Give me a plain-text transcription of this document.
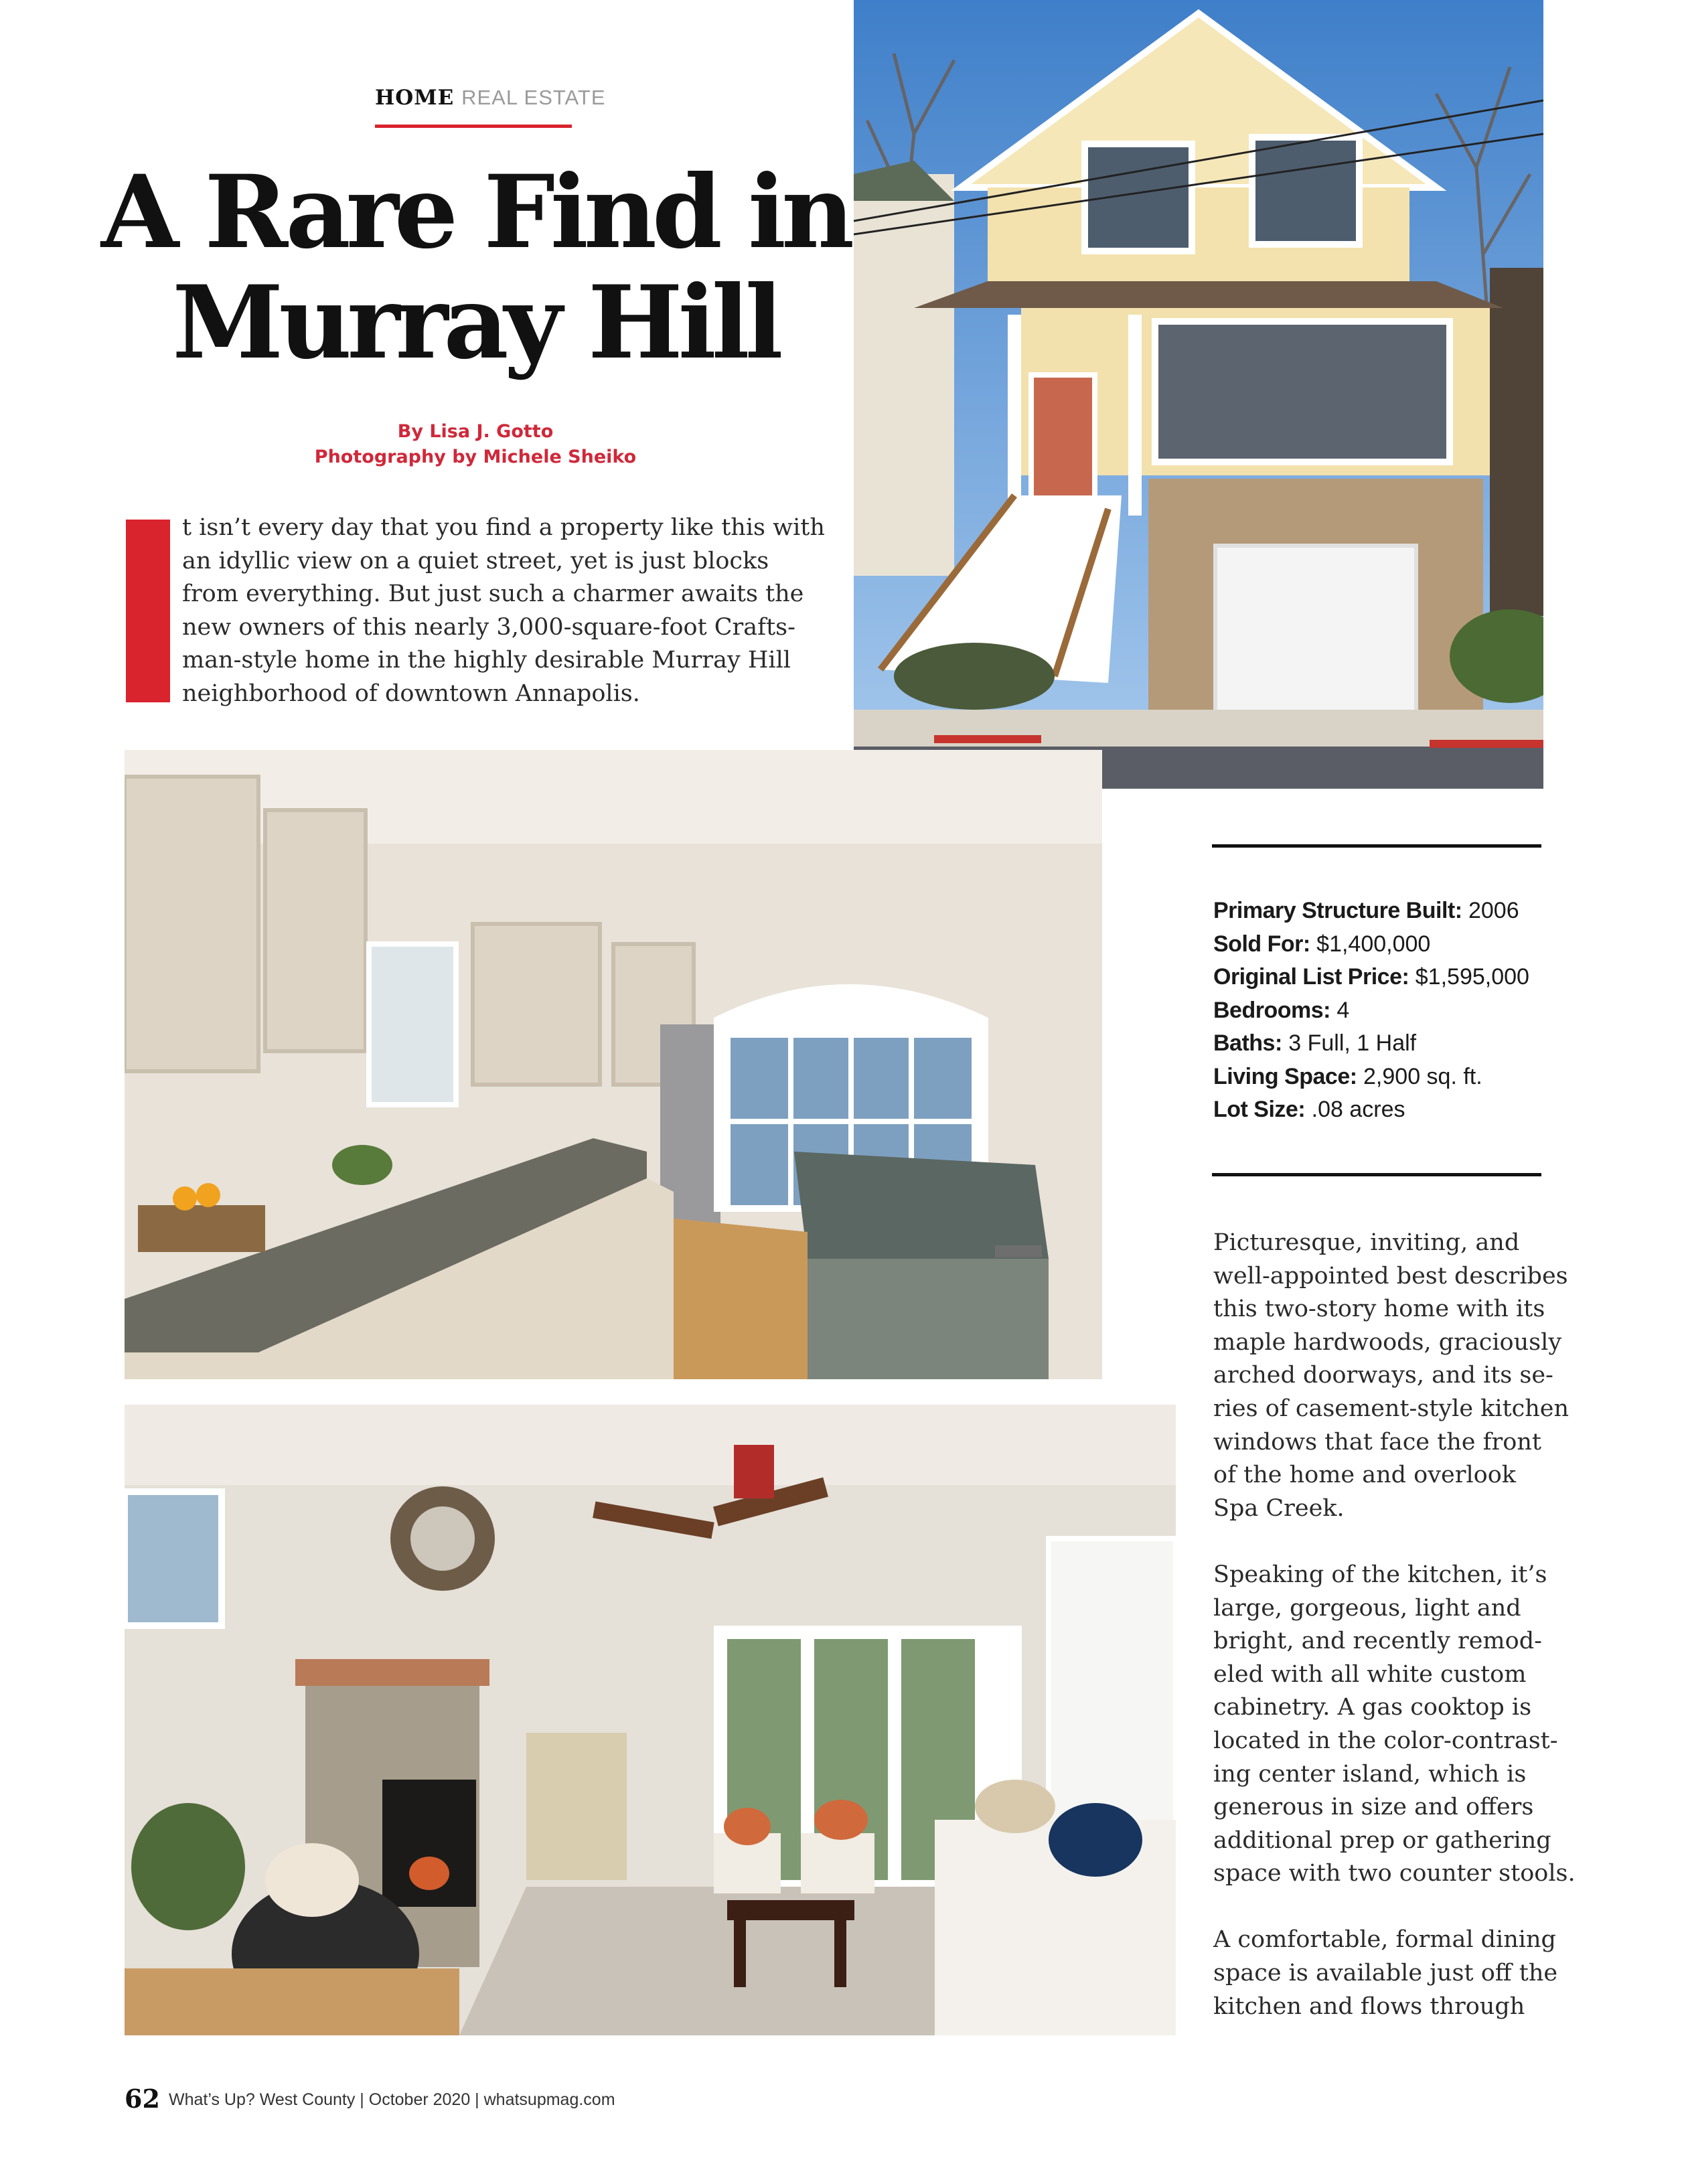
HOME REAL ESTATE
A Rare Find in
Murray Hill
By Lisa J. Gotto
Photography by Michele Sheiko
t isn’t every day that you find a property like this with
an idyllic view on a quiet street, yet is just blocks
from everything. But just such a charmer awaits the
new owners of this nearly 3,000-square-foot Crafts-
man-style home in the highly desirable Murray Hill
neighborhood of downtown Annapolis.
Primary Structure Built: 2006
Sold For: $1,400,000
Original List Price: $1,595,000
Bedrooms: 4
Baths: 3 Full, 1 Half
Living Space: 2,900 sq. ft.
Lot Size: .08 acres
Picturesque, inviting, and
well-appointed best describes
this two-story home with its
maple hardwoods, graciously
arched doorways, and its se-
ries of casement-style kitchen
windows that face the front
of the home and overlook
Spa Creek.
Speaking of the kitchen, it’s
large, gorgeous, light and
bright, and recently remod-
eled with all white custom
cabinetry. A gas cooktop is
located in the color-contrast-
ing center island, which is
generous in size and offers
additional prep or gathering
space with two counter stools.
A comfortable, formal dining
space is available just off the
kitchen and flows through
62 What’s Up? West County | October 2020 | whatsupmag.com
